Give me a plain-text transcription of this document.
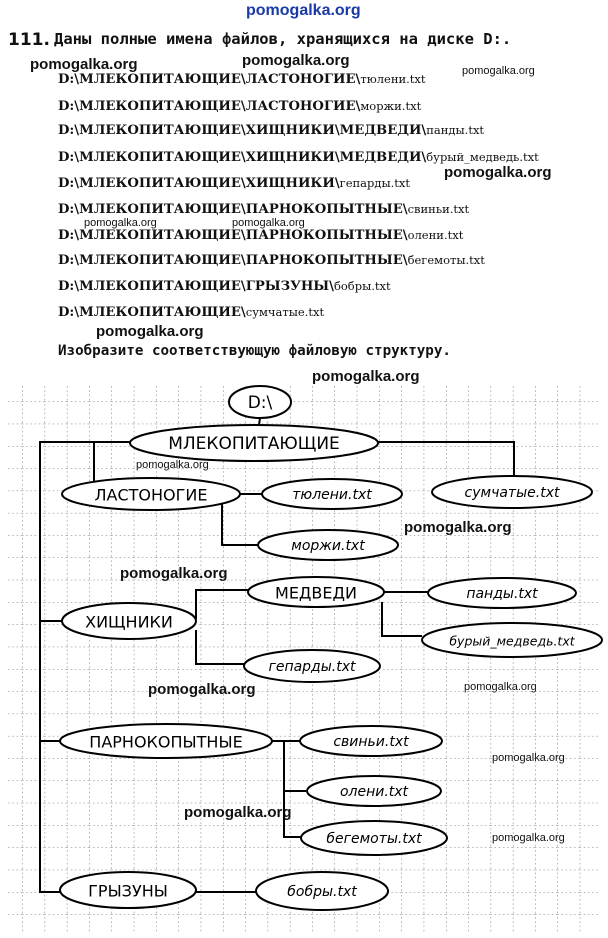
pomogalka.org
pomogalka.org	pomogalka.org
pomogalka.org
pomogalka.org
pomogalka.org	pomogalka.org
pomogalka.org
pomogalka.org
111. Даны полные имена файлов, хранящихся на диске D:.
D:\МЛЕКОПИТАЮЩИЕ\ЛАСТОНОГИЕ\тюлени.txt
D:\МЛЕКОПИТАЮЩИЕ\ЛАСТОНОГИЕ\моржи.txt
D:\МЛЕКОПИТАЮЩИЕ\ХИЩНИКИ\МЕДВЕДИ\панды.txt
D:\МЛЕКОПИТАЮЩИЕ\ХИЩНИКИ\МЕДВЕДИ\бурый_медведь.txt
D:\МЛЕКОПИТАЮЩИЕ\ХИЩНИКИ\гепарды.txt
D:\МЛЕКОПИТАЮЩИЕ\ПАРНОКОПЫТНЫЕ\свиньи.txt
D:\МЛЕКОПИТАЮЩИЕ\ПАРНОКОПЫТНЫЕ\олени.txt
D:\МЛЕКОПИТАЮЩИЕ\ПАРНОКОПЫТНЫЕ\бегемоты.txt
D:\МЛЕКОПИТАЮЩИЕ\ГРЫЗУНЫ\бобры.txt
D:\МЛЕКОПИТАЮЩИЕ\сумчатые.txt
Изобразите соответствующую файловую структуру.
D:\
МЛЕКОПИТАЮЩИЕ
ЛАСТОНОГИЕ	тюлени.txt	сумчатые.txt
моржи.txt
ХИЩНИКИ
МЕДВЕДИ	панды.txt
бурый_медведь.txt
гепарды.txt
ПАРНОКОПЫТНЫЕ	свиньи.txt
олени.txt
бегемоты.txt
ГРЫЗУНЫ	бобры.txt
